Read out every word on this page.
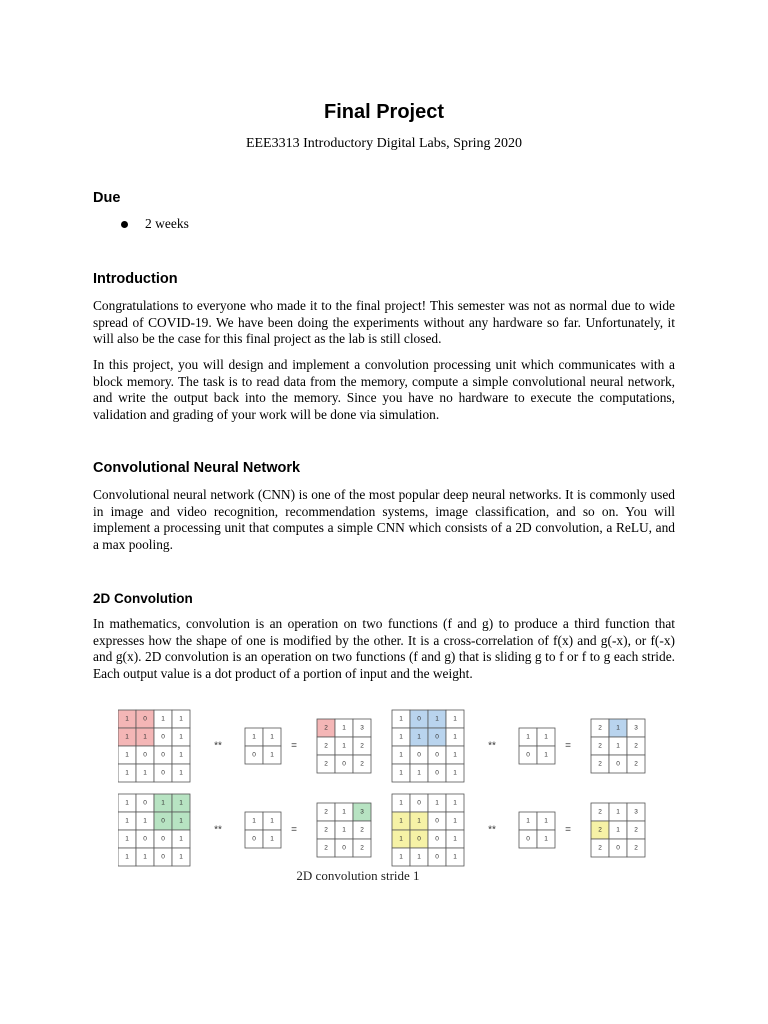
Final Project
EEE3313 Introductory Digital Labs, Spring 2020
Due
2 weeks
Introduction

Congratulations to everyone who made it to the final project! This semester was not as normal due to wide spread of COVID-19. We have been doing the experiments without any hardware so far. Unfortunately, it will also be the case for this final project as the lab is still closed.

In this project, you will design and implement a convolution processing unit which communicates with a block memory. The task is to read data from the memory, compute a simple convolutional neural network, and write the output back into the memory. Since you have no hardware to execute the computations, validation and grading of your work will be done via simulation.

Convolutional Neural Network

Convolutional neural network (CNN) is one of the most popular deep neural networks. It is commonly used in image and video recognition, recommendation systems, image classification, and so on. You will implement a processing unit that computes a simple CNN which consists of a 2D convolution, a ReLU, and a max pooling.

2D Convolution

In mathematics, convolution is an operation on two functions (f and g) to produce a third function that expresses how the shape of one is modified by the other. It is a cross-correlation of f(x) and g(-x), or f(-x) and g(x). 2D convolution is an operation on two functions (f and g) that is sliding g to f or f to g each stride. Each output value is a dot product of a portion of input and the weight.

1 0 1 1
1 1 0 1
1 0 0 1
1 1 0 1
**
1 1
0 1
=
2 1 3
2 1 2
2 0 2
1 0 1 1
1 1 0 1
1 0 0 1
1 1 0 1
**
1 1
0 1
=
2 1 3
2 1 2
2 0 2
1 0 1 1
1 1 0 1
1 0 0 1
1 1 0 1
**
1 1
0 1
=
2 1 3
2 1 2
2 0 2
1 0 1 1
1 1 0 1
1 0 0 1
1 1 0 1
**
1 1
0 1
=
2 1 3
2 1 2
2 0 2
2D convolution stride 1
